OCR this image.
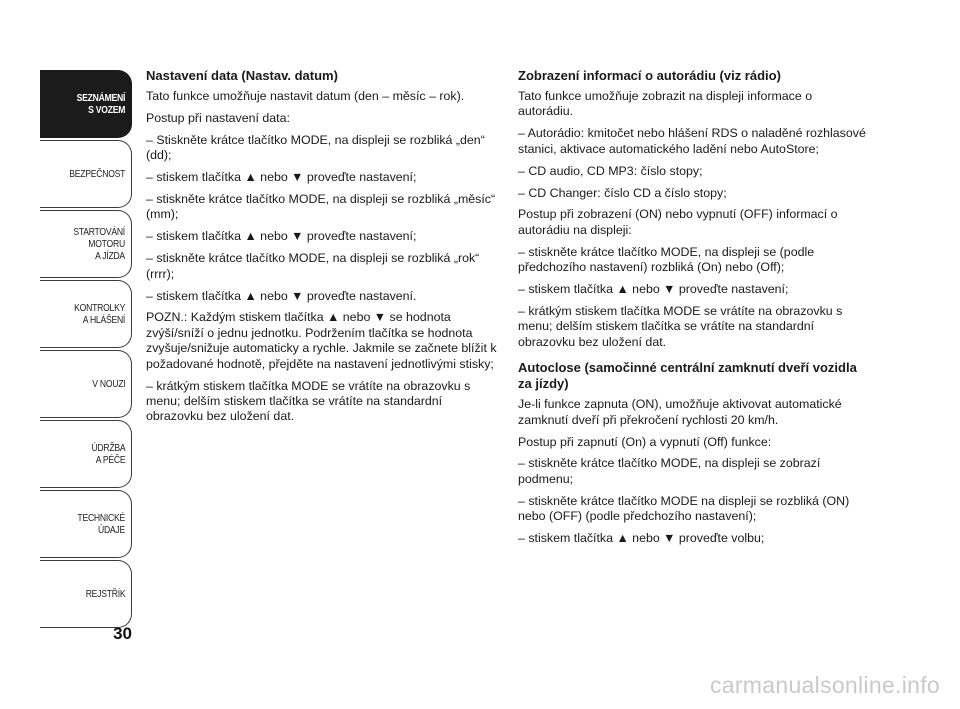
SEZNÁMENÍ
S VOZEM
BEZPEČNOST
STARTOVÁNÍ
MOTORU
A JÍZDA
KONTROLKY
A HLÁŠENÍ
V NOUZI
ÚDRŽBA
A PÉČE
TECHNICKÉ
ÚDAJE
REJSTŘÍK
30
Nastavení data (Nastav. datum)

Tato funkce umožňuje nastavit datum (den – měsíc – rok).

Postup při nastavení data:

– Stiskněte krátce tlačítko MODE, na displeji se rozbliká „den“ (dd);

– stiskem tlačítka ▲ nebo ▼ proveďte nastavení;

– stiskněte krátce tlačítko MODE, na displeji se rozbliká „měsíc“ (mm);

– stiskem tlačítka ▲ nebo ▼ proveďte nastavení;

– stiskněte krátce tlačítko MODE, na displeji se rozbliká „rok“ (rrrr);

– stiskem tlačítka ▲ nebo ▼ proveďte nastavení.

POZN.: Každým stiskem tlačítka ▲ nebo ▼ se hodnota zvýší/sníží o jednu jednotku. Podržením tlačítka se hodnota zvyšuje/snižuje automaticky a rychle. Jakmile se začnete blížit k požadované hodnotě, přejděte na nastavení jednotlivými stisky;

– krátkým stiskem tlačítka MODE se vrátíte na obrazovku s menu; delším stiskem tlačítka se vrátíte na standardní obrazovku bez uložení dat.

Zobrazení informací o autorádiu (viz rádio)

Tato funkce umožňuje zobrazit na displeji informace o autorádiu.

– Autorádio: kmitočet nebo hlášení RDS o naladěné rozhlasové stanici, aktivace automatického ladění nebo AutoStore;

– CD audio, CD MP3: číslo stopy;

– CD Changer: číslo CD a číslo stopy;

Postup při zobrazení (ON) nebo vypnutí (OFF) informací o autorádiu na displeji:

– stiskněte krátce tlačítko MODE, na displeji se (podle předchozího nastavení) rozbliká (On) nebo (Off);

– stiskem tlačítka ▲ nebo ▼ proveďte nastavení;

– krátkým stiskem tlačítka MODE se vrátíte na obrazovku s menu; delším stiskem tlačítka se vrátíte na standardní obrazovku bez uložení dat.

Autoclose (samočinné centrální zamknutí dveří vozidla za jízdy)

Je-li funkce zapnuta (ON), umožňuje aktivovat automatické zamknutí dveří při překročení rychlosti 20 km/h.

Postup při zapnutí (On) a vypnutí (Off) funkce:

– stiskněte krátce tlačítko MODE, na displeji se zobrazí podmenu;

– stiskněte krátce tlačítko MODE na displeji se rozbliká (ON) nebo (OFF) (podle předchozího nastavení);

– stiskem tlačítka ▲ nebo ▼ proveďte volbu;

carmanualsonline.info
